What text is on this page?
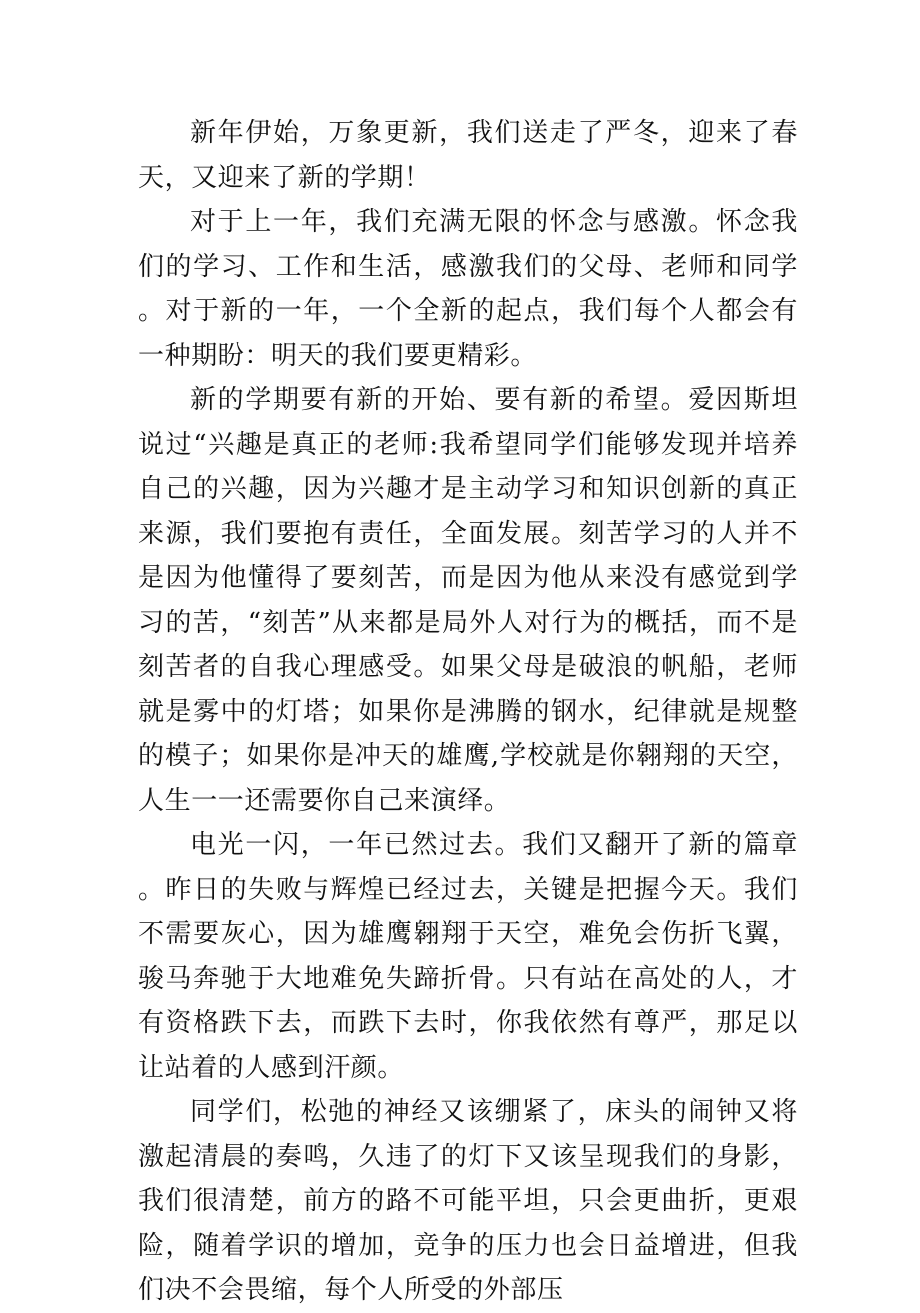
新年伊始，万象更新，我们送走了严冬，迎来了春天，又迎来了新的学期！

对于上一年，我们充满无限的怀念与感激。怀念我们的学习、工作和生活，感激我们的父母、老师和同学。对于新的一年，一个全新的起点，我们每个人都会有一种期盼：明天的我们要更精彩。

新的学期要有新的开始、要有新的希望。爱因斯坦说过“兴趣是真正的老师:我希望同学们能够发现并培养自己的兴趣，因为兴趣才是主动学习和知识创新的真正来源，我们要抱有责任，全面发展。刻苦学习的人并不是因为他懂得了要刻苦，而是因为他从来没有感觉到学习的苦，“刻苦”从来都是局外人对行为的概括，而不是刻苦者的自我心理感受。如果父母是破浪的帆船，老师就是雾中的灯塔；如果你是沸腾的钢水，纪律就是规整的模子；如果你是冲天的雄鹰,学校就是你翱翔的天空，人生一一还需要你自己来演绎。

电光一闪，一年已然过去。我们又翻开了新的篇章。昨日的失败与辉煌已经过去，关键是把握今天。我们不需要灰心，因为雄鹰翱翔于天空，难免会伤折飞翼，骏马奔驰于大地难免失蹄折骨。只有站在高处的人，才有资格跌下去，而跌下去时，你我依然有尊严，那足以让站着的人感到汗颜。

同学们，松弛的神经又该绷紧了，床头的闹钟又将激起清晨的奏鸣，久违了的灯下又该呈现我们的身影，我们很清楚，前方的路不可能平坦，只会更曲折，更艰险，随着学识的增加，竞争的压力也会日益增进，但我们决不会畏缩，每个人所受的外部压
